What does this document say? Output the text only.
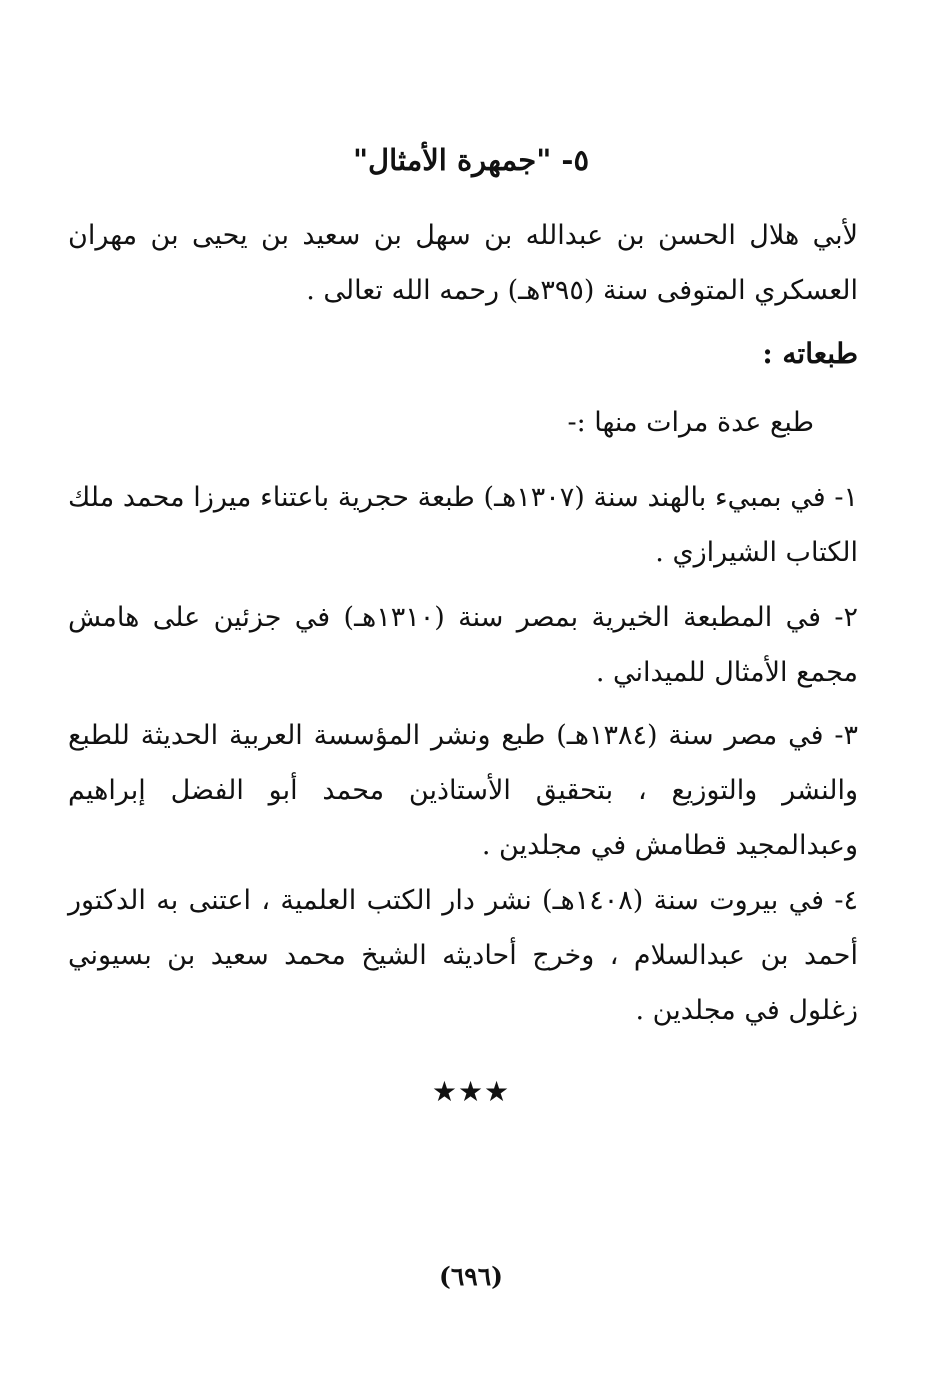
٥- "جمهرة الأمثال"
لأبي هلال الحسن بن عبدالله بن سهل بن سعيد بن يحيى بن مهران العسكري المتوفى سنة (٣٩٥هـ) رحمه الله تعالى .
طبعاته :
طبع عدة مرات منها :-
١- في بمبيء بالهند سنة (١٣٠٧هـ) طبعة حجرية باعتناء ميرزا محمد ملك الكتاب الشيرازي .
٢- في المطبعة الخيرية بمصر سنة (١٣١٠هـ) في جزئين على هامش مجمع الأمثال للميداني .
٣- في مصر سنة (١٣٨٤هـ) طبع ونشر المؤسسة العربية الحديثة للطبع والنشر والتوزيع ، بتحقيق الأستاذين محمد أبو الفضل إبراهيم وعبدالمجيد قطامش في مجلدين .
٤- في بيروت سنة (١٤٠٨هـ) نشر دار الكتب العلمية ، اعتنى به الدكتور أحمد بن عبدالسلام ، وخرج أحاديثه الشيخ محمد سعيد بن بسيوني زغلول في مجلدين .
★★★
(٦٩٦)
